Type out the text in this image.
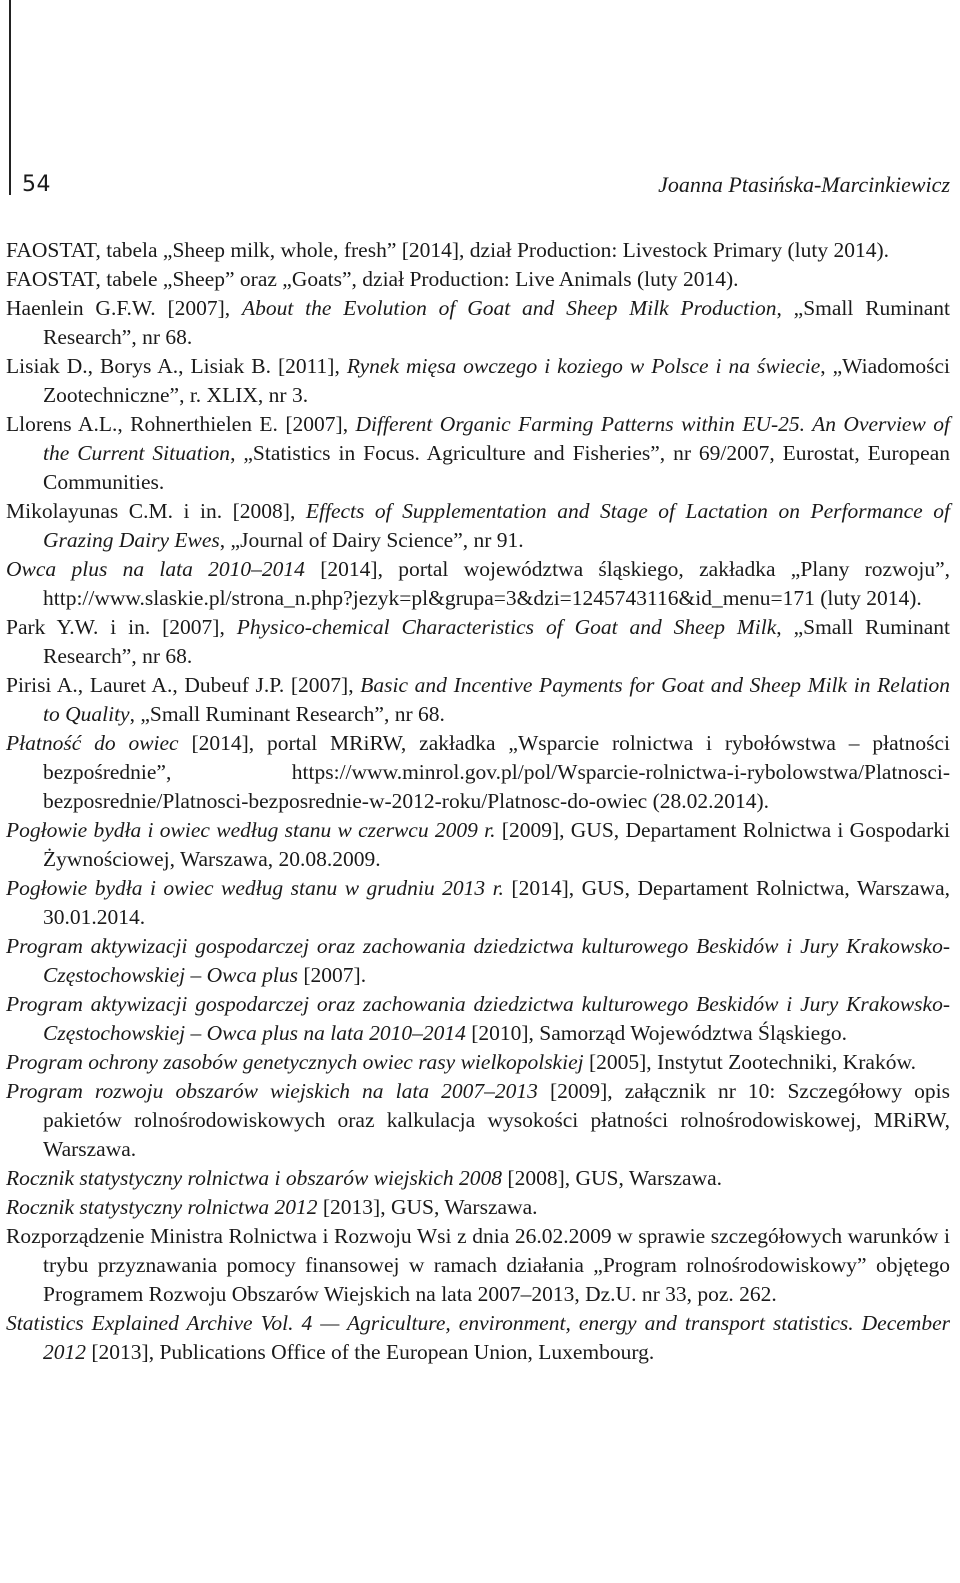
54	Joanna Ptasińska-Marcinkiewicz

FAOSTAT, tabela „Sheep milk, whole, fresh” [2014], dział Production: Livestock Primary (luty 2014).

FAOSTAT, tabele „Sheep” oraz „Goats”, dział Production: Live Animals (luty 2014).

Haenlein G.F.W. [2007], About the Evolution of Goat and Sheep Milk Production, „Small Ruminant Research”, nr 68.

Lisiak D., Borys A., Lisiak B. [2011], Rynek mięsa owczego i koziego w Polsce i na świecie, „Wiadomości Zootechniczne”, r. XLIX, nr 3.

Llorens A.L., Rohnerthielen E. [2007], Different Organic Farming Patterns within EU-25. An Overview of the Current Situation, „Statistics in Focus. Agriculture and Fisheries”, nr 69/2007, Eurostat, European Communities.

Mikolayunas C.M. i in. [2008], Effects of Supplementation and Stage of Lactation on Performance of Grazing Dairy Ewes, „Journal of Dairy Science”, nr 91.

Owca plus na lata 2010–2014 [2014], portal województwa śląskiego, zakładka „Plany rozwoju”, http://www.slaskie.pl/strona_n.php?jezyk=pl&grupa=3&dzi=1245743116&id_menu=171 (luty 2014).

Park Y.W. i in. [2007], Physico-chemical Characteristics of Goat and Sheep Milk, „Small Ruminant Research”, nr 68.

Pirisi A., Lauret A., Dubeuf J.P. [2007], Basic and Incentive Payments for Goat and Sheep Milk in Relation to Quality, „Small Ruminant Research”, nr 68.

Płatność do owiec [2014], portal MRiRW, zakładka „Wsparcie rolnictwa i rybołówstwa – płatności bezpośrednie”, https://www.minrol.gov.pl/pol/Wsparcie-rolnictwa-i-rybolowstwa/Platnosci-bezposrednie/Platnosci-bezposrednie-w-2012-roku/Platnosc-do-owiec (28.02.2014).

Pogłowie bydła i owiec według stanu w czerwcu 2009 r. [2009], GUS, Departament Rolnictwa i Gospodarki Żywnościowej, Warszawa, 20.08.2009.

Pogłowie bydła i owiec według stanu w grudniu 2013 r. [2014], GUS, Departament Rolnictwa, Warszawa, 30.01.2014.

Program aktywizacji gospodarczej oraz zachowania dziedzictwa kulturowego Beskidów i Jury Krakowsko-Częstochowskiej – Owca plus [2007].

Program aktywizacji gospodarczej oraz zachowania dziedzictwa kulturowego Beskidów i Jury Krakowsko-Częstochowskiej – Owca plus na lata 2010–2014 [2010], Samorząd Województwa Śląskiego.

Program ochrony zasobów genetycznych owiec rasy wielkopolskiej [2005], Instytut Zootechniki, Kraków.

Program rozwoju obszarów wiejskich na lata 2007–2013 [2009], załącznik nr 10: Szczegółowy opis pakietów rolnośrodowiskowych oraz kalkulacja wysokości płatności rolnośrodowiskowej, MRiRW, Warszawa.

Rocznik statystyczny rolnictwa i obszarów wiejskich 2008 [2008], GUS, Warszawa.

Rocznik statystyczny rolnictwa 2012 [2013], GUS, Warszawa.

Rozporządzenie Ministra Rolnictwa i Rozwoju Wsi z dnia 26.02.2009 w sprawie szczegółowych warunków i trybu przyznawania pomocy finansowej w ramach działania „Program rolnośrodowiskowy” objętego Programem Rozwoju Obszarów Wiejskich na lata 2007–2013, Dz.U. nr 33, poz. 262.

Statistics Explained Archive Vol. 4 — Agriculture, environment, energy and transport statistics. December 2012 [2013], Publications Office of the European Union, Luxembourg.
